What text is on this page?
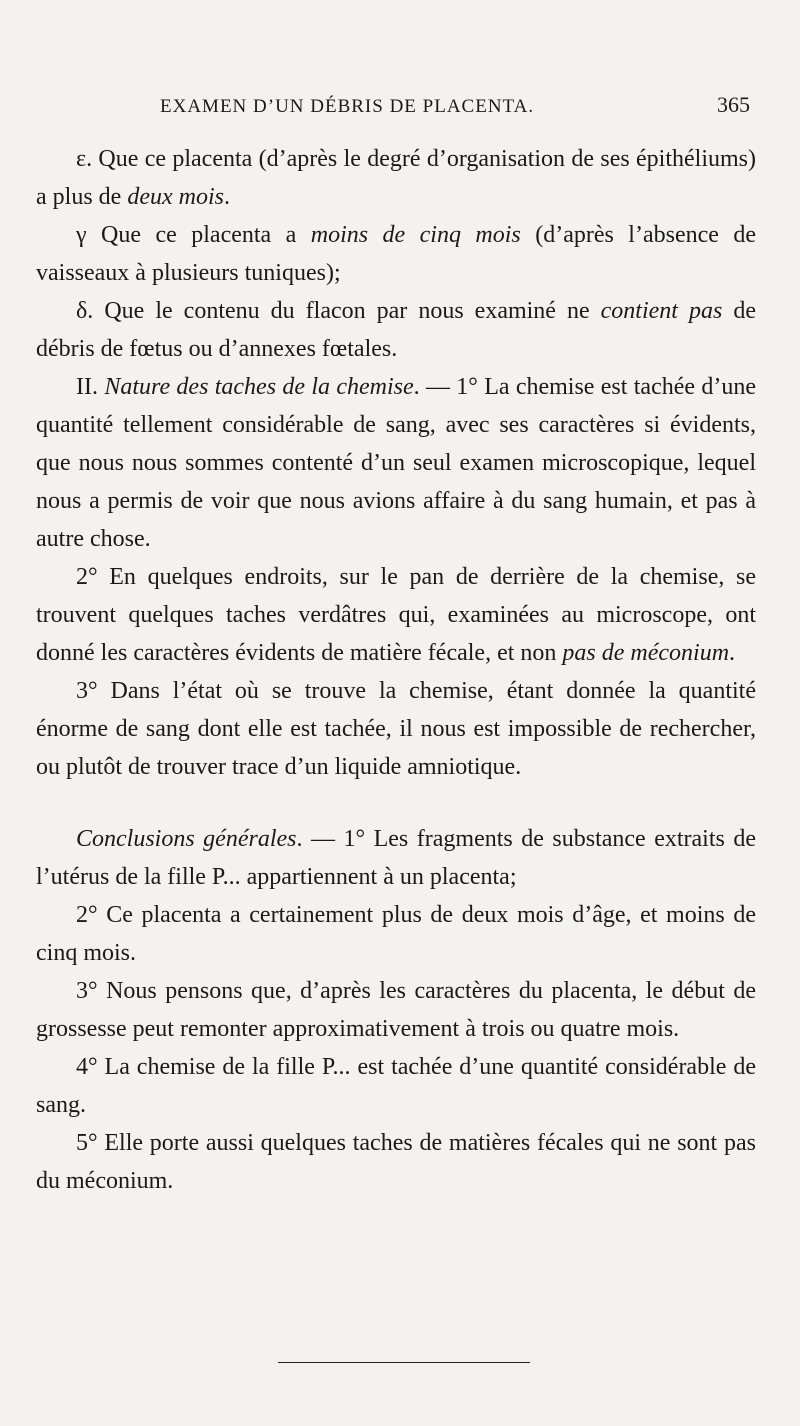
EXAMEN D’UN DÉBRIS DE PLACENTA.	365

ε. Que ce placenta (d’après le degré d’organisation de ses épithéliums) a plus de deux mois.

γ Que ce placenta a moins de cinq mois (d’après l’absence de vaisseaux à plusieurs tuniques);

δ. Que le contenu du flacon par nous examiné ne contient pas de débris de fœtus ou d’annexes fœtales.

II. Nature des taches de la chemise. — 1° La chemise est tachée d’une quantité tellement considérable de sang, avec ses caractères si évidents, que nous nous sommes contenté d’un seul examen microscopique, lequel nous a permis de voir que nous avions affaire à du sang humain, et pas à autre chose.

2° En quelques endroits, sur le pan de derrière de la chemise, se trouvent quelques taches verdâtres qui, examinées au microscope, ont donné les caractères évidents de matière fécale, et non pas de méconium.

3° Dans l’état où se trouve la chemise, étant donnée la quantité énorme de sang dont elle est tachée, il nous est impossible de rechercher, ou plutôt de trouver trace d’un liquide amniotique.

Conclusions générales. — 1° Les fragments de substance extraits de l’utérus de la fille P... appartiennent à un placenta;

2° Ce placenta a certainement plus de deux mois d’âge, et moins de cinq mois.

3° Nous pensons que, d’après les caractères du placenta, le début de grossesse peut remonter approximativement à trois ou quatre mois.

4° La chemise de la fille P... est tachée d’une quantité considérable de sang.

5° Elle porte aussi quelques taches de matières fécales qui ne sont pas du méconium.
